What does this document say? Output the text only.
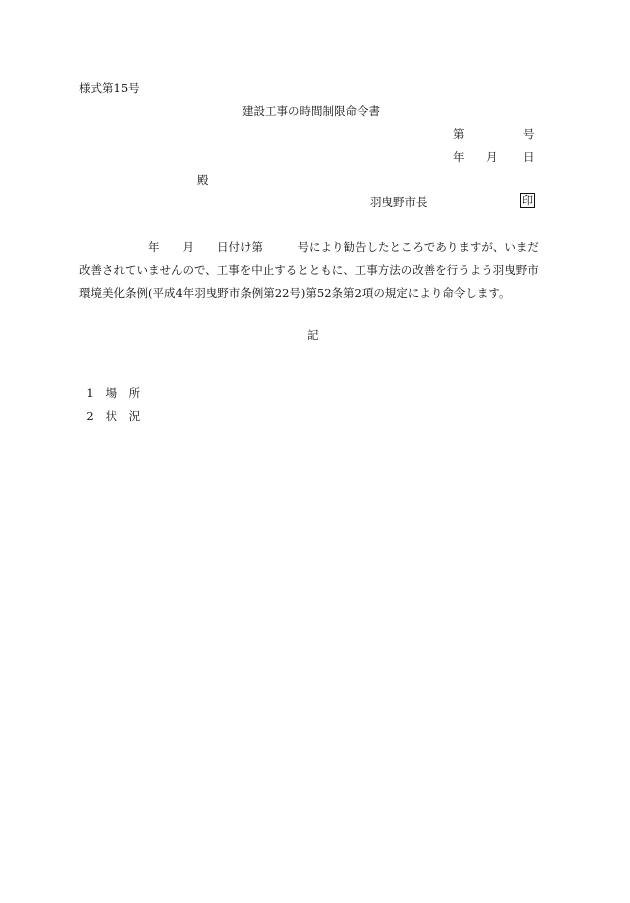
様式第15号
建設工事の時間制限命令書
第	号
年 月 日
殿
羽曳野市長	印
　　　　　　年　　月　　日付け第　　　号により勧告したところでありますが、いまだ
改善されていませんので、工事を中止するとともに、工事方法の改善を行うよう羽曳野市
環境美化条例(平成4年羽曳野市条例第22号)第52条第2項の規定により命令します。
記

1 場　所

2 状　況
